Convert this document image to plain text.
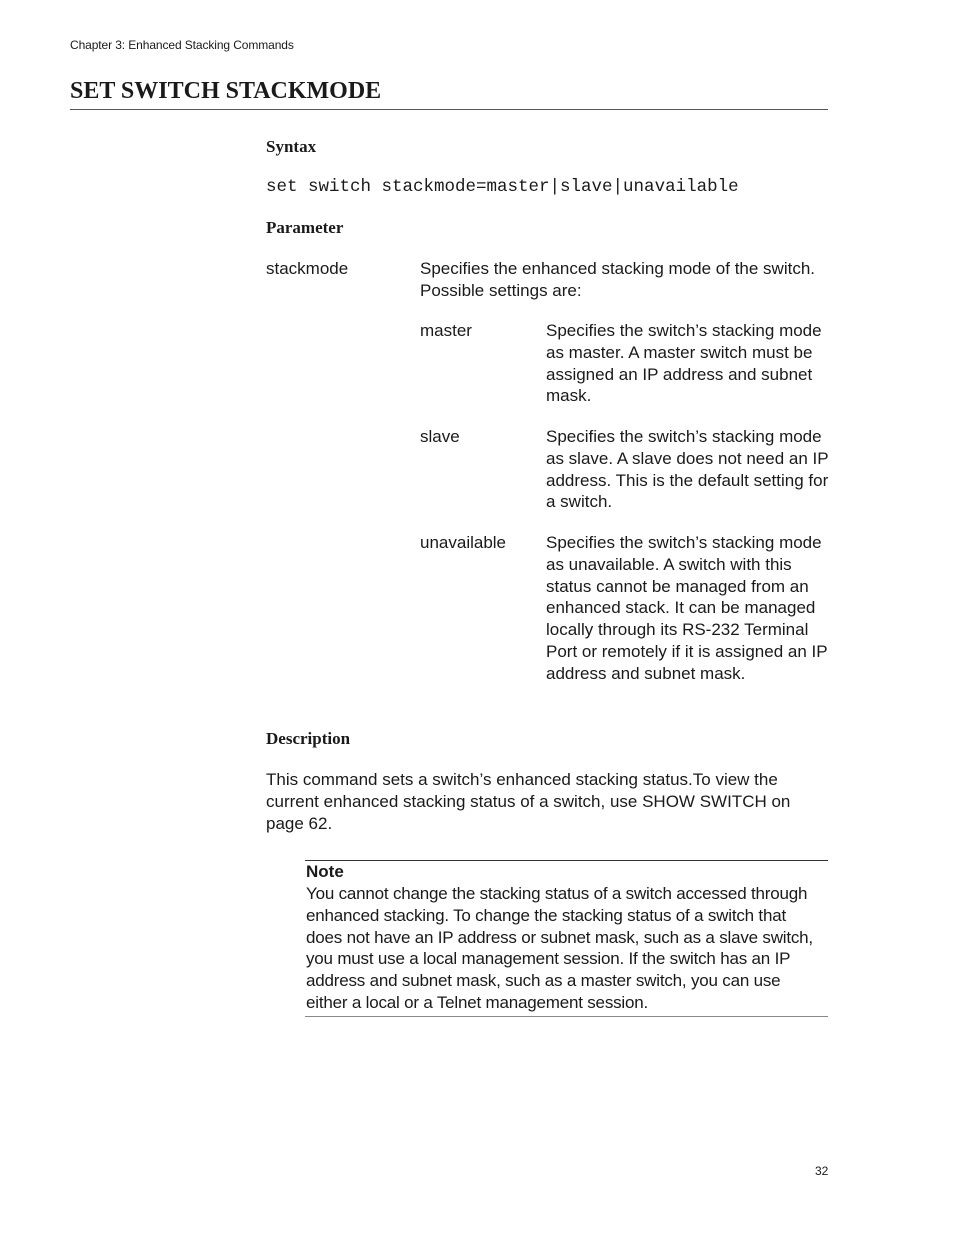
Chapter 3: Enhanced Stacking Commands
SET SWITCH STACKMODE
Syntax
set switch stackmode=master|slave|unavailable
Parameter
stackmode	Specifies the enhanced stacking mode of the switch. Possible settings are:
master	Specifies the switch’s stacking mode as master. A master switch must be assigned an IP address and subnet mask.
slave	Specifies the switch’s stacking mode as slave. A slave does not need an IP address. This is the default setting for a switch.
unavailable Specifies the switch’s stacking mode as unavailable. A switch with this status cannot be managed from an enhanced stack. It can be managed locally through its RS-232 Terminal Port or remotely if it is assigned an IP address and subnet mask.
Description
This command sets a switch’s enhanced stacking status.To view the current enhanced stacking status of a switch, use SHOW SWITCH on page 62.
Note
You cannot change the stacking status of a switch accessed through enhanced stacking. To change the stacking status of a switch that does not have an IP address or subnet mask, such as a slave switch, you must use a local management session. If the switch has an IP address and subnet mask, such as a master switch, you can use either a local or a Telnet management session.
32
